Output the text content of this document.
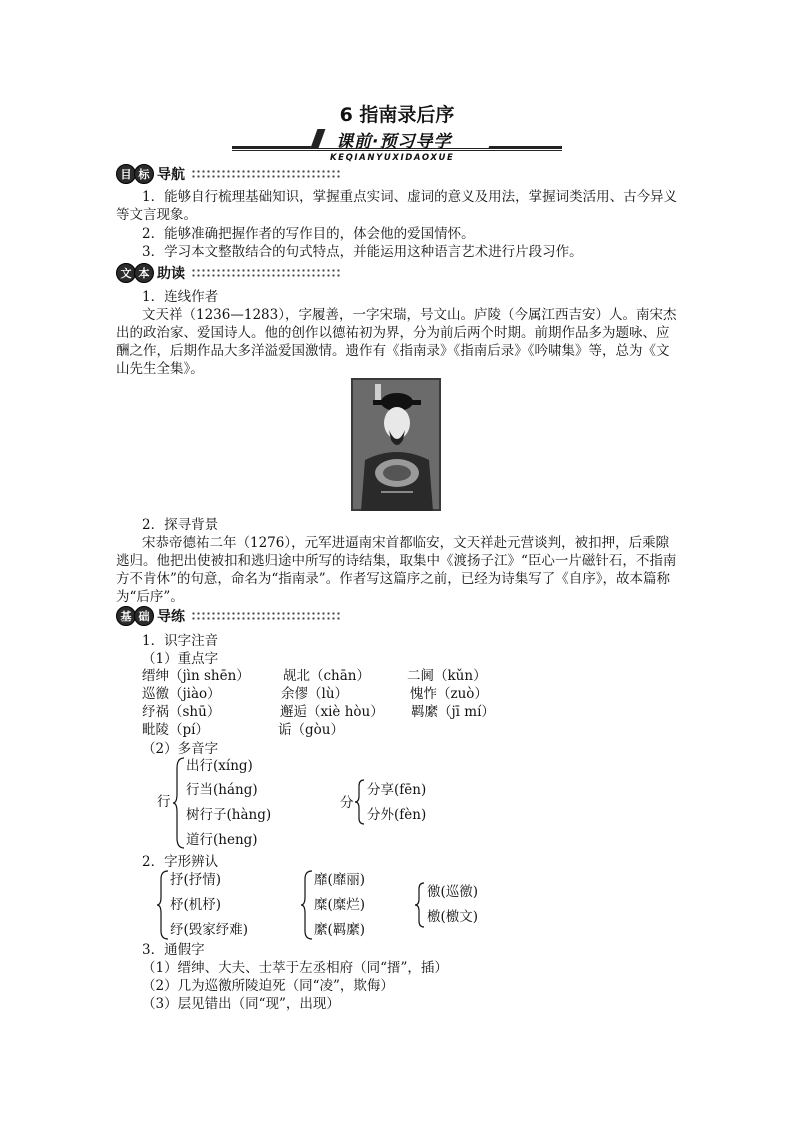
6 指南录后序
课前·预习导学
KEQIANYUXIDAOXUE
目 标 导航
1．能够自行梳理基础知识，掌握重点实词、虚词的意义及用法，掌握词类活用、古今异义等文言现象。
2．能够准确把握作者的写作目的，体会他的爱国情怀。
3．学习本文整散结合的句式特点，并能运用这种语言艺术进行片段习作。
文 本 助读
1．连线作者
文天祥（1236—1283），字履善，一字宋瑞，号文山。庐陵（今属江西吉安）人。南宋杰出的政治家、爱国诗人。他的创作以德祐初为界，分为前后两个时期。前期作品多为题咏、应酬之作，后期作品大多洋溢爱国激情。遗作有《指南录》《指南后录》《吟啸集》等，总为《文山先生全集》。
2．探寻背景
宋恭帝德祐二年（1276），元军进逼南宋首都临安，文天祥赴元营谈判，被扣押，后乘隙逃归。他把出使被扣和逃归途中所写的诗结集，取集中《渡扬子江》“臣心一片磁针石，不指南方不肯休”的句意，命名为“指南录”。作者写这篇序之前，已经为诗集写了《自序》，故本篇称为“后序”。
基 础 导练
1．识字注音
（1）重点字
缙绅（jìn shēn） 觇北（chān）	二阃（kǔn）
巡徼（jiào）	余僇（lù）	愧怍（zuò）
纾祸（shū）	邂逅（xiè hòu） 羁縻（jī mí）
毗陵（pí）	诟（gòu）
（2）多音字
行
出行(xíng)
行当(háng)
树行子(hàng)
道行(heng)
分
分享(fēn)
分外(fèn)
2．字形辨认
抒(抒情)
杼(机杼)
纾(毁家纾难)
靡(靡丽)
糜(糜烂)
縻(羁縻)
徼(巡徼)
檄(檄文)
3．通假字
（1）缙绅、大夫、士萃于左丞相府（同“搢”，插）
（2）几为巡徼所陵迫死（同“凌”，欺侮）
（3）层见错出（同“现”，出现）
